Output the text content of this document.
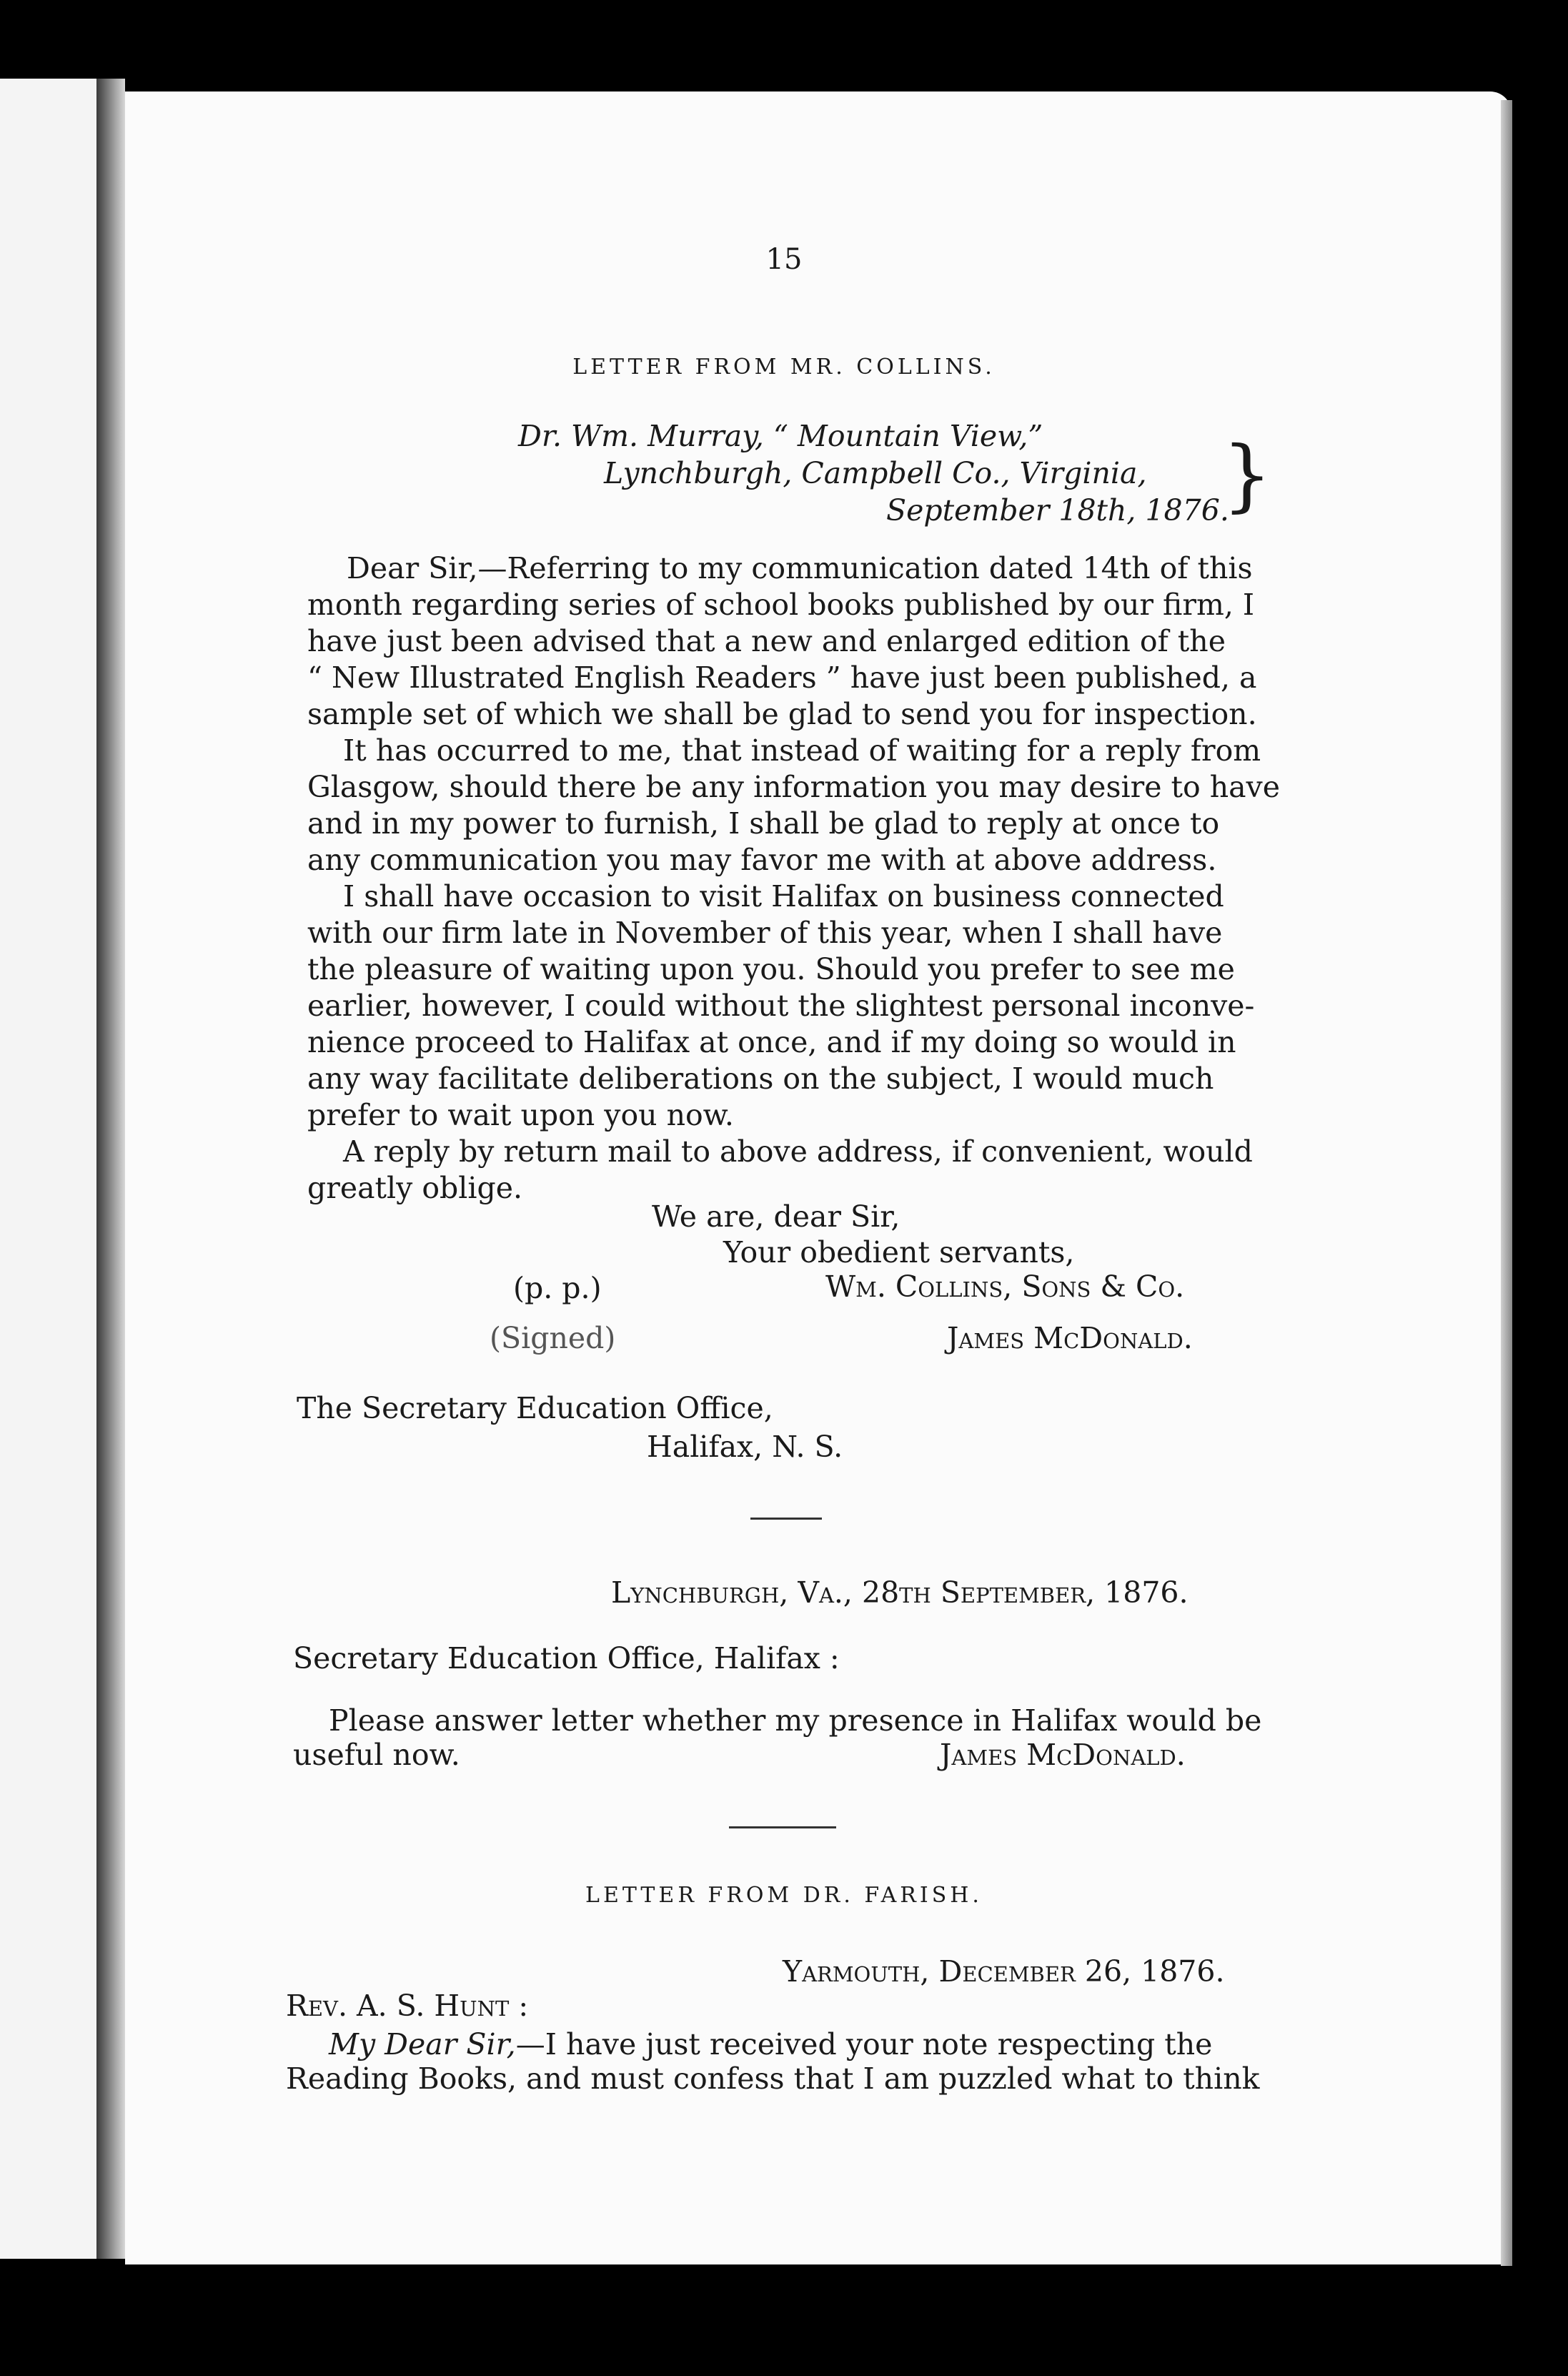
15
LETTER FROM MR. COLLINS.
Dr. Wm. Murray, “ Mountain View,”
Lynchburgh, Campbell Co., Virginia,
September 18th, 1876.
}
Dear Sir,—Referring to my communication dated 14th of this
month regarding series of school books published by our firm, I
have just been advised that a new and enlarged edition of the
“ New Illustrated English Readers ” have just been published, a
sample set of which we shall be glad to send you for inspection.
It has occurred to me, that instead of waiting for a reply from
Glasgow, should there be any information you may desire to have
and in my power to furnish, I shall be glad to reply at once to
any communication you may favor me with at above address.
I shall have occasion to visit Halifax on business connected
with our firm late in November of this year, when I shall have
the pleasure of waiting upon you. Should you prefer to see me
earlier, however, I could without the slightest personal inconve-
nience proceed to Halifax at once, and if my doing so would in
any way facilitate deliberations on the subject, I would much
prefer to wait upon you now.
A reply by return mail to above address, if convenient, would
greatly oblige.
We are, dear Sir,
Your obedient servants,
(p. p.)	Wm. Collins, Sons & Co.
(Signed)	James McDonald.
The Secretary Education Office,
Halifax, N. S.
Lynchburgh, Va., 28th September, 1876.
Secretary Education Office, Halifax :
Please answer letter whether my presence in Halifax would be
useful now.	James McDonald.
LETTER FROM DR. FARISH.
Yarmouth, December 26, 1876.
Rev. A. S. Hunt :
My Dear Sir,—I have just received your note respecting the
Reading Books, and must confess that I am puzzled what to think
